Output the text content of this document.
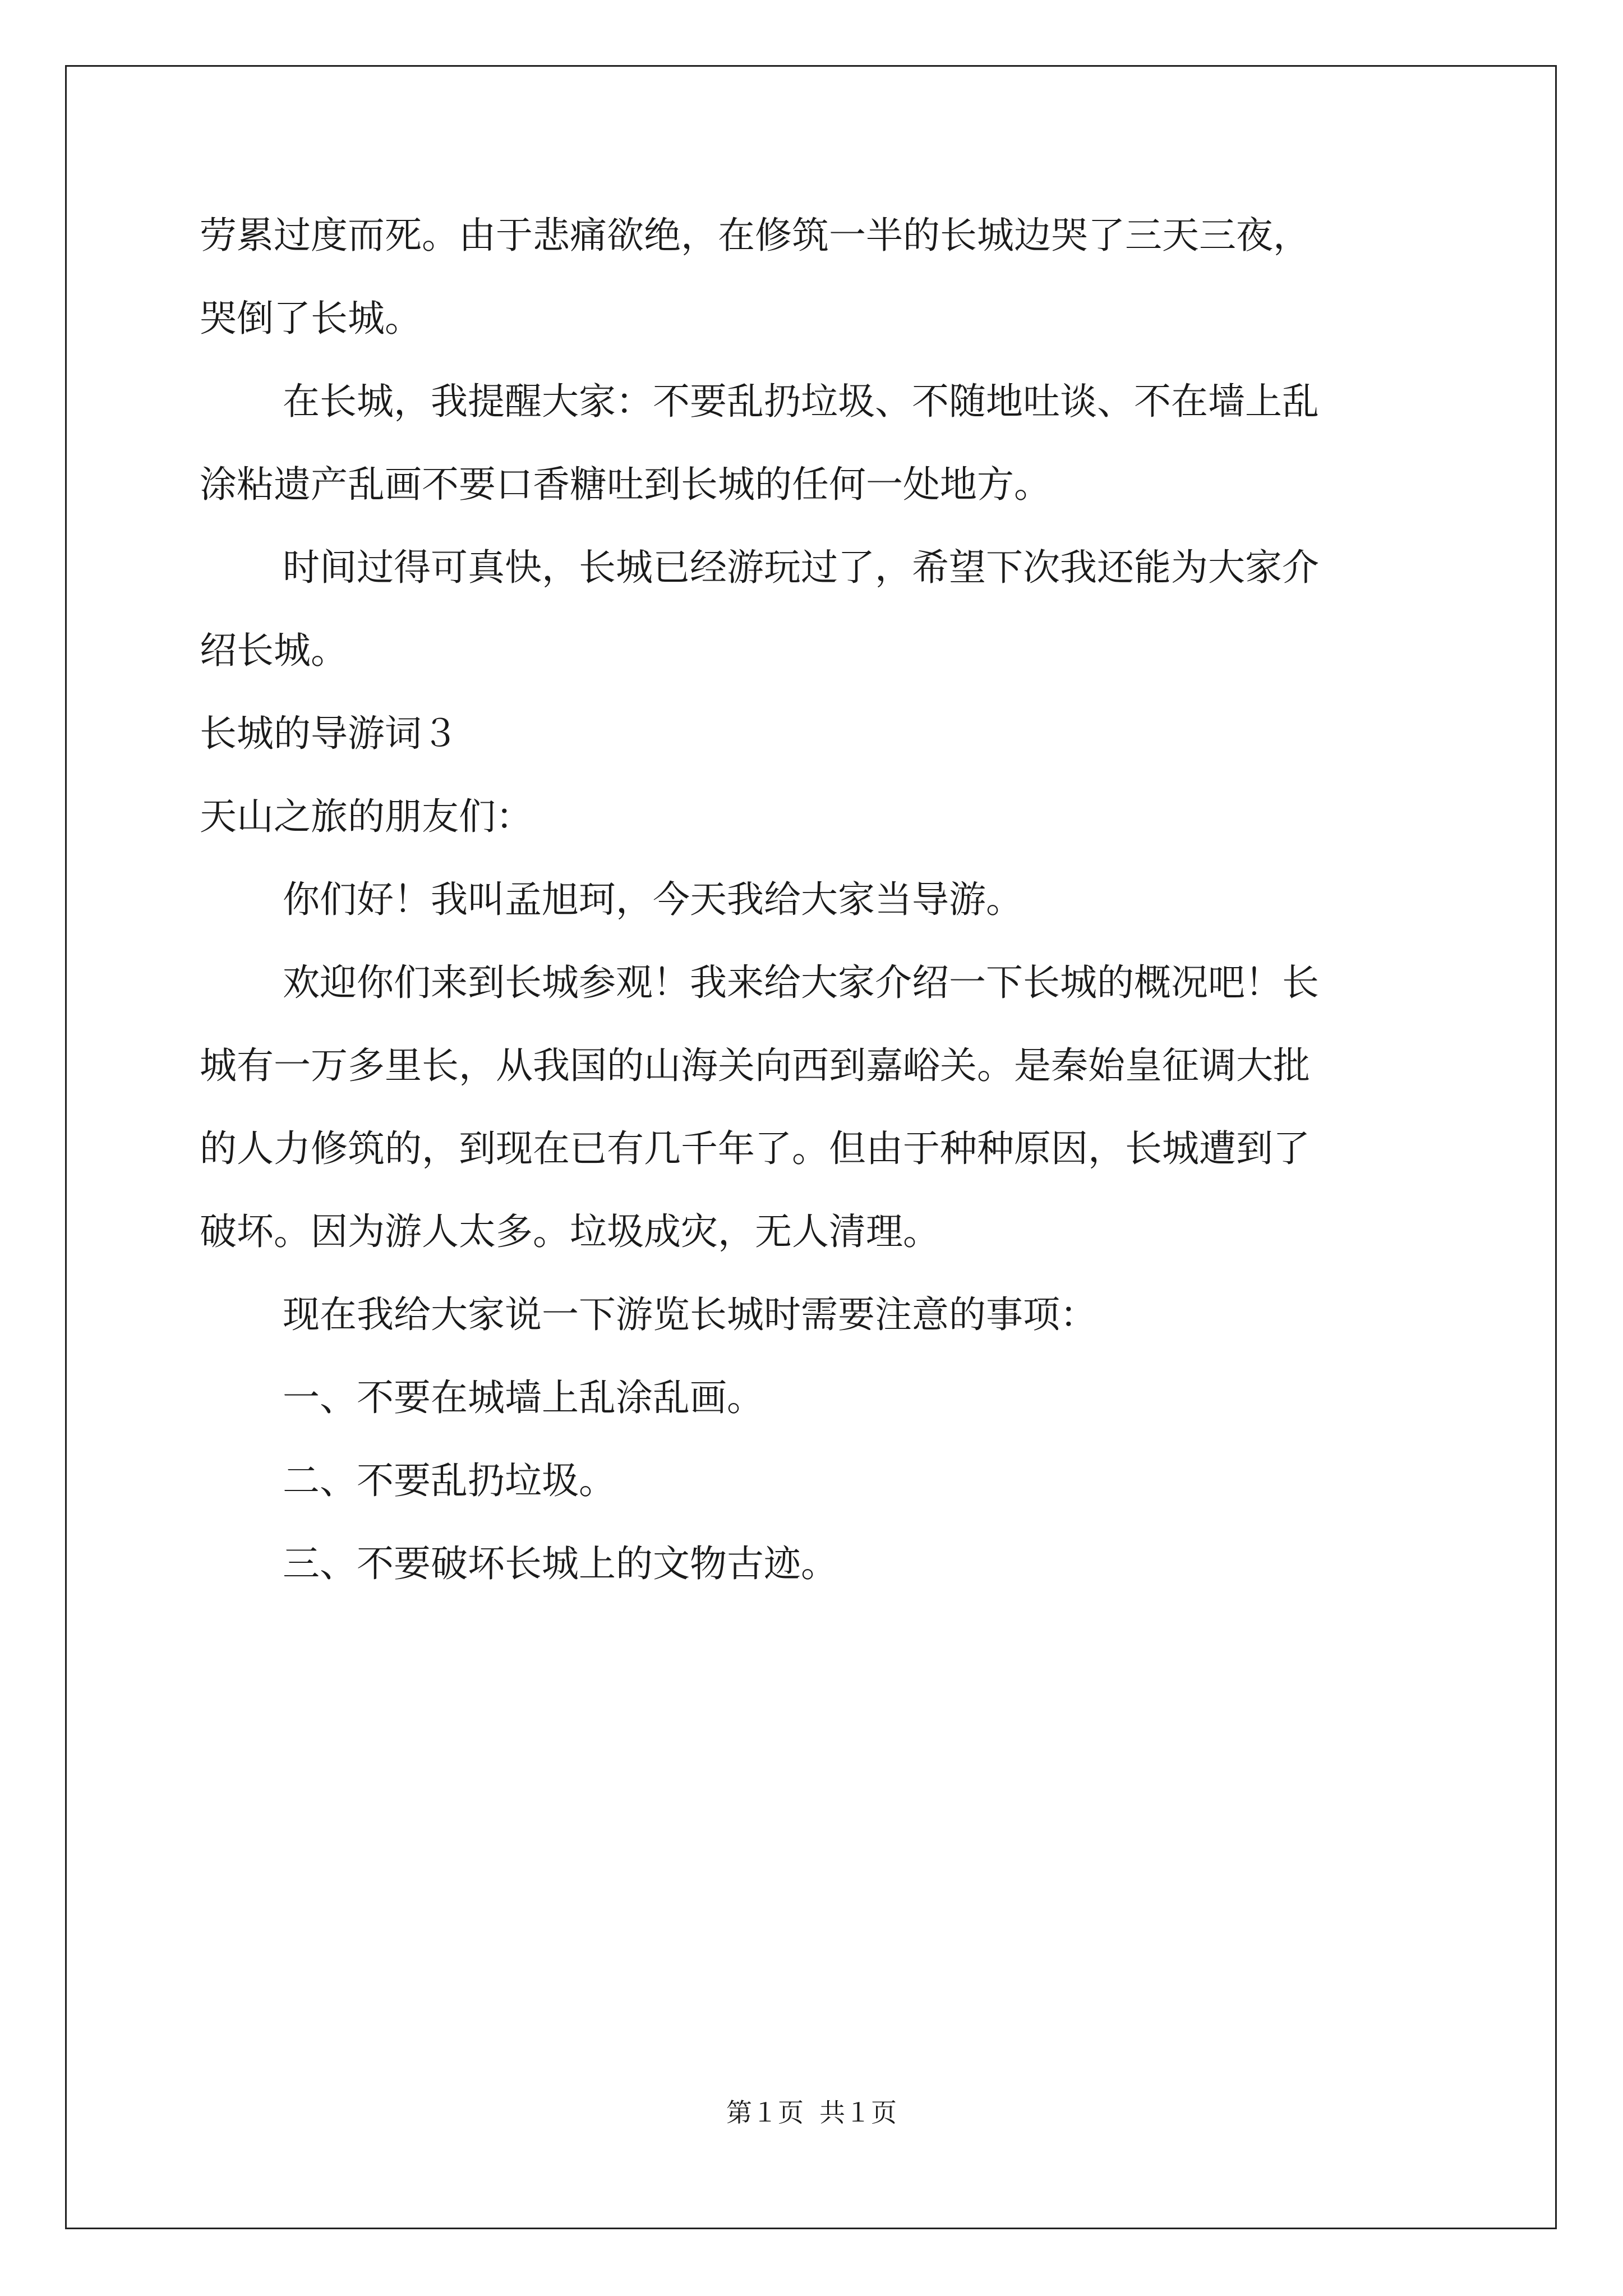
劳累过度而死。由于悲痛欲绝，在修筑一半的长城边哭了三天三夜，
哭倒了长城。
在长城，我提醒大家：不要乱扔垃圾、不随地吐谈、不在墙上乱
涂粘遗产乱画不要口香糖吐到长城的任何一处地方。
时间过得可真快，长城已经游玩过了，希望下次我还能为大家介
绍长城。
长城的导游词３
天山之旅的朋友们：
你们好！我叫孟旭珂，今天我给大家当导游。
欢迎你们来到长城参观！我来给大家介绍一下长城的概况吧！长
城有一万多里长，从我国的山海关向西到嘉峪关。是秦始皇征调大批
的人力修筑的，到现在已有几千年了。但由于种种原因，长城遭到了
破坏。因为游人太多。垃圾成灾，无人清理。
现在我给大家说一下游览长城时需要注意的事项：
一、不要在城墙上乱涂乱画。
二、不要乱扔垃圾。
三、不要破坏长城上的文物古迹。
第１页 共１页
